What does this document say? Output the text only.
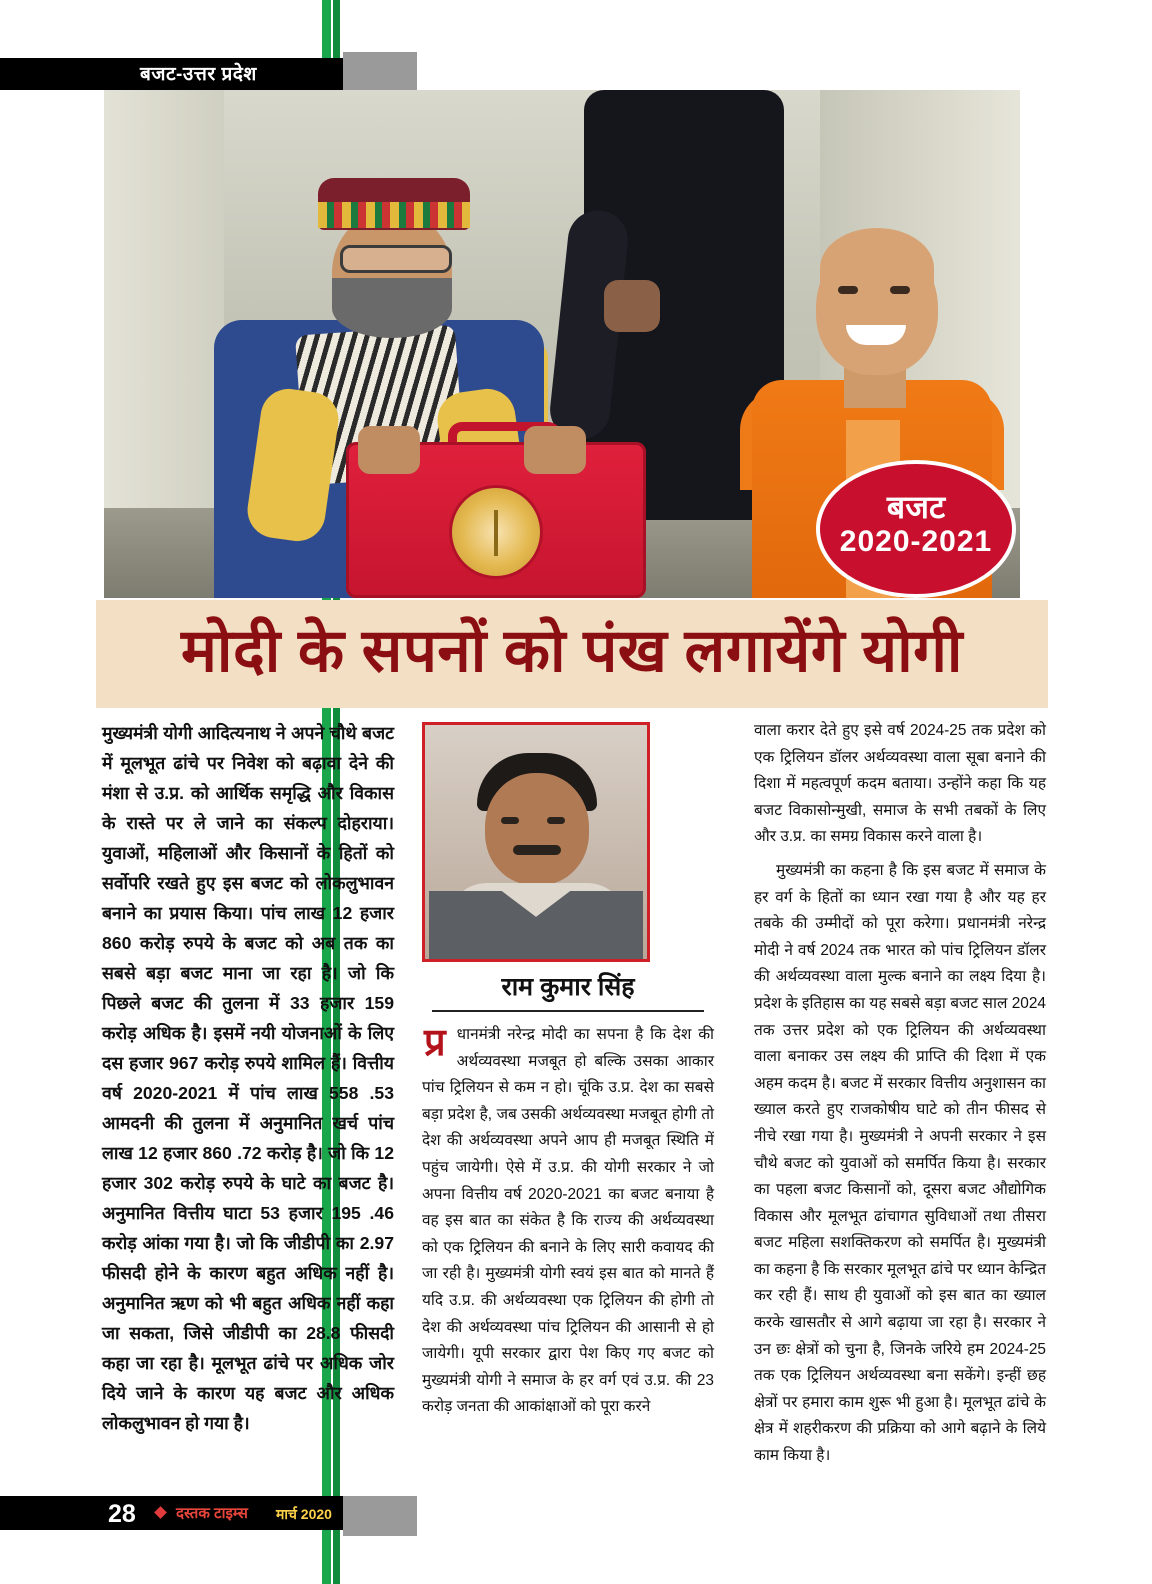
बजट-उत्तर प्रदेश
बजट
2020-2021
मोदी के सपनों को पंख लगायेंगे योगी

मुख्यमंत्री योगी आदित्यनाथ ने अपने चौथे बजट में मूलभूत ढांचे पर निवेश को बढ़ावा देने की मंशा से उ.प्र. को आर्थिक समृद्धि और विकास के रास्ते पर ले जाने का संकल्प दोहराया। युवाओं, महिलाओं और किसानों के हितों को सर्वोपरि रखते हुए इस बजट को लोकलुभावन बनाने का प्रयास किया। पांच लाख 12 हजार 860 करोड़ रुपये के बजट को अब तक का सबसे बड़ा बजट माना जा रहा है। जो कि पिछले बजट की तुलना में 33 हजार 159 करोड़ अधिक है। इसमें नयी योजनाओं के लिए दस हजार 967 करोड़ रुपये शामिल हैं। वित्तीय वर्ष 2020-2021 में पांच लाख 558 .53 आमदनी की तुलना में अनुमानित खर्च पांच लाख 12 हजार 860 .72 करोड़ है। जो कि 12 हजार 302 करोड़ रुपये के घाटे का बजट है। अनुमानित वित्तीय घाटा 53 हजार 195 .46 करोड़ आंका गया है। जो कि जीडीपी का 2.97 फीसदी होने के कारण बहुत अधिक नहीं है। अनुमानित ऋण को भी बहुत अधिक नहीं कहा जा सकता, जिसे जीडीपी का 28.8 फीसदी कहा जा रहा है। मूलभूत ढांचे पर अधिक जोर दिये जाने के कारण यह बजट और अधिक लोकलुभावन हो गया है।

वाला करार देते हुए इसे वर्ष 2024-25 तक प्रदेश को एक ट्रिलियन डॉलर अर्थव्यवस्था वाला सूबा बनाने की दिशा में महत्वपूर्ण कदम बताया। उन्होंने कहा कि यह बजट विकासोन्मुखी, समाज के सभी तबकों के लिए और उ.प्र. का समग्र विकास करने वाला है।

मुख्यमंत्री का कहना है कि इस बजट में समाज के हर वर्ग के हितों का ध्यान रखा गया है और यह हर तबके की उम्मीदों को पूरा करेगा। प्रधानमंत्री नरेन्द्र मोदी ने वर्ष 2024 तक भारत को पांच ट्रिलियन डॉलर की अर्थव्यवस्था वाला मुल्क बनाने का लक्ष्य दिया है। प्रदेश के इतिहास का यह सबसे बड़ा बजट साल 2024 तक उत्तर प्रदेश को एक ट्रिलियन की अर्थव्यवस्था वाला बनाकर उस लक्ष्य की प्राप्ति की दिशा में एक अहम कदम है। बजट में सरकार वित्तीय अनुशासन का ख्याल करते हुए राजकोषीय घाटे को तीन फीसद से नीचे रखा गया है। मुख्यमंत्री ने अपनी सरकार ने इस चौथे बजट को युवाओं को समर्पित किया है। सरकार का पहला बजट किसानों को, दूसरा बजट औद्योगिक विकास और मूलभूत ढांचागत सुविधाओं तथा तीसरा बजट महिला सशक्तिकरण को समर्पित है। मुख्यमंत्री का कहना है कि सरकार मूलभूत ढांचे पर ध्यान केन्द्रित कर रही हैं। साथ ही युवाओं को इस बात का ख्याल करके खासतौर से आगे बढ़ाया जा रहा है। सरकार ने उन छः क्षेत्रों को चुना है, जिनके जरिये हम 2024-25 तक एक ट्रिलियन अर्थव्यवस्था बना सकेंगे। इन्हीं छह क्षेत्रों पर हमारा काम शुरू भी हुआ है। मूलभूत ढांचे के क्षेत्र में शहरीकरण की प्रक्रिया को आगे बढ़ाने के लिये काम किया है।

राम कुमार सिंह

प्र धानमंत्री नरेन्द्र मोदी का सपना है कि देश की अर्थव्यवस्था मजबूत हो बल्कि उसका आकार पांच ट्रिलियन से कम न हो। चूंकि उ.प्र. देश का सबसे बड़ा प्रदेश है, जब उसकी अर्थव्यवस्था मजबूत होगी तो देश की अर्थव्यवस्था अपने आप ही मजबूत स्थिति में पहुंच जायेगी। ऐसे में उ.प्र. की योगी सरकार ने जो अपना वित्तीय वर्ष 2020-2021 का बजट बनाया है वह इस बात का संकेत है कि राज्य की अर्थव्यवस्था को एक ट्रिलियन की बनाने के लिए सारी कवायद की जा रही है। मुख्यमंत्री योगी स्वयं इस बात को मानते हैं यदि उ.प्र. की अर्थव्यवस्था एक ट्रिलियन की होगी तो देश की अर्थव्यवस्था पांच ट्रिलियन की आसानी से हो जायेगी। यूपी सरकार द्वारा पेश किए गए बजट को मुख्यमंत्री योगी ने समाज के हर वर्ग एवं उ.प्र. की 23 करोड़ जनता की आकांक्षाओं को पूरा करने

28	दस्तक टाइम्स	मार्च 2020
